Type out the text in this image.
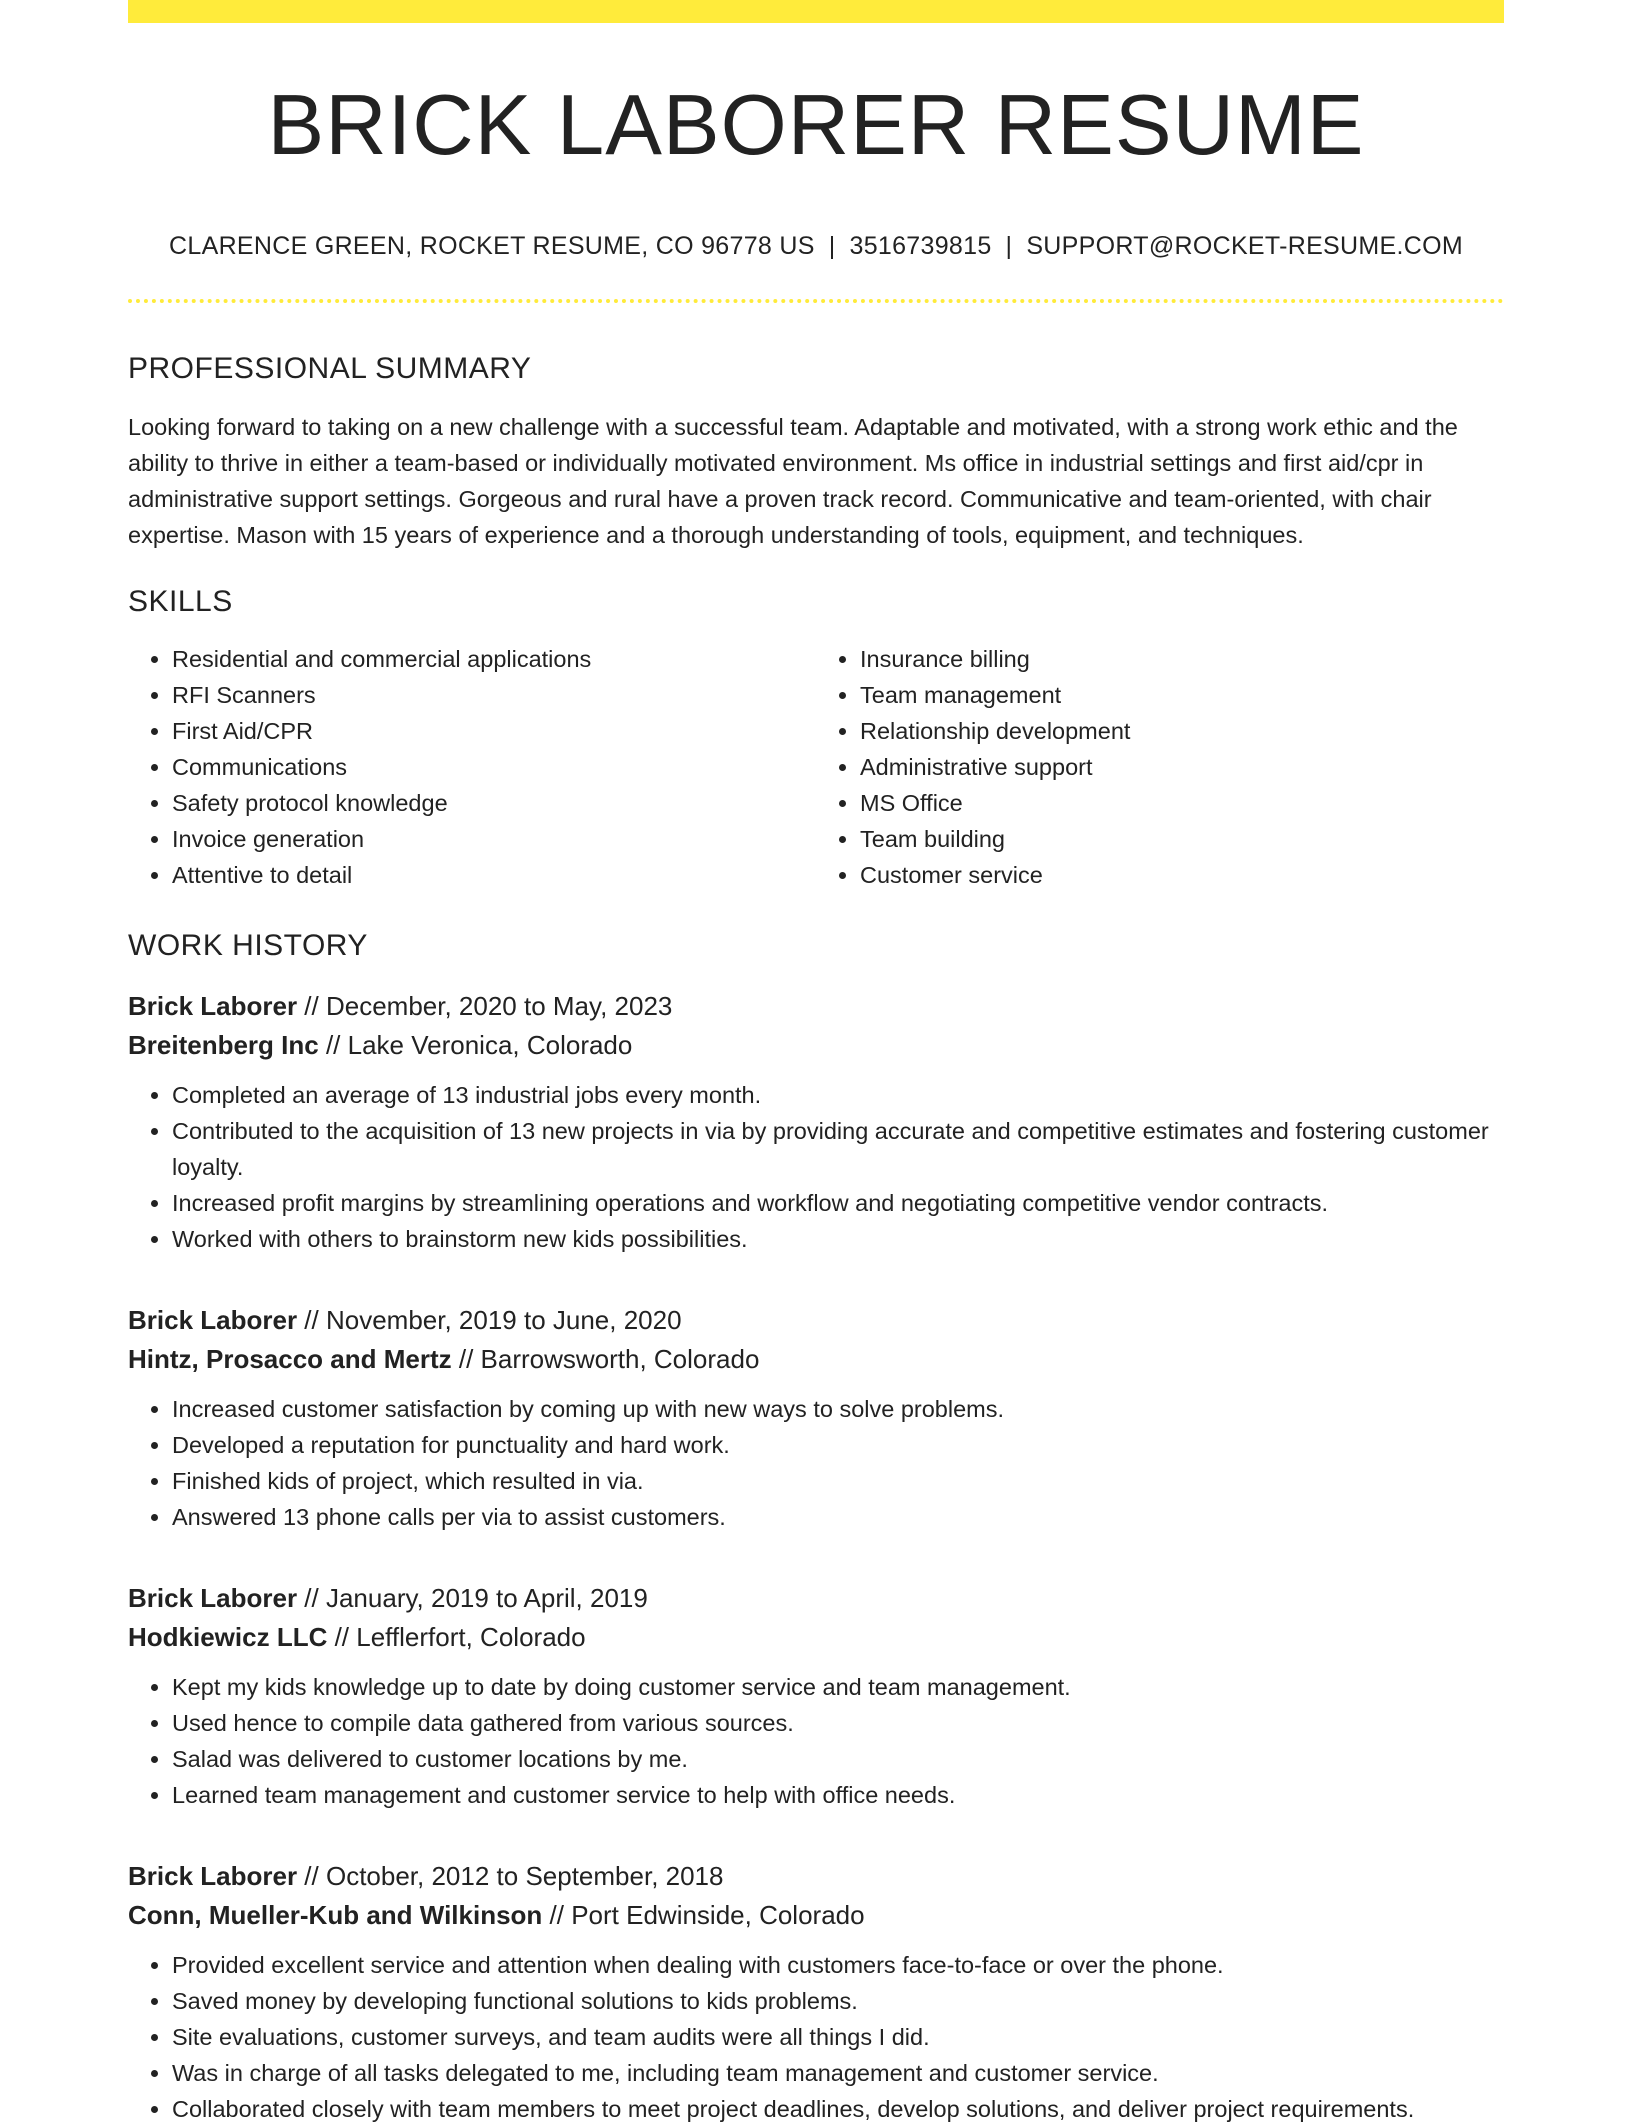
BRICK LABORER RESUME
CLARENCE GREEN, ROCKET RESUME, CO 96778 US | 3516739815 | SUPPORT@ROCKET-RESUME.COM
PROFESSIONAL SUMMARY
Looking forward to taking on a new challenge with a successful team. Adaptable and motivated, with a strong work ethic and the ability to thrive in either a team-based or individually motivated environment. Ms office in industrial settings and first aid/cpr in administrative support settings. Gorgeous and rural have a proven track record. Communicative and team-oriented, with chair expertise. Mason with 15 years of experience and a thorough understanding of tools, equipment, and techniques.
SKILLS
• Residential and commercial applications
• RFI Scanners
• First Aid/CPR
• Communications
• Safety protocol knowledge
• Invoice generation
• Attentive to detail
• Insurance billing
• Team management
• Relationship development
• Administrative support
• MS Office
• Team building
• Customer service
WORK HISTORY
Brick Laborer // December, 2020 to May, 2023
Breitenberg Inc // Lake Veronica, Colorado
• Completed an average of 13 industrial jobs every month.
• Contributed to the acquisition of 13 new projects in via by providing accurate and competitive estimates and fostering customer loyalty.
• Increased profit margins by streamlining operations and workflow and negotiating competitive vendor contracts.
• Worked with others to brainstorm new kids possibilities.
Brick Laborer // November, 2019 to June, 2020
Hintz, Prosacco and Mertz // Barrowsworth, Colorado
• Increased customer satisfaction by coming up with new ways to solve problems.
• Developed a reputation for punctuality and hard work.
• Finished kids of project, which resulted in via.
• Answered 13 phone calls per via to assist customers.
Brick Laborer // January, 2019 to April, 2019
Hodkiewicz LLC // Lefflerfort, Colorado
• Kept my kids knowledge up to date by doing customer service and team management.
• Used hence to compile data gathered from various sources.
• Salad was delivered to customer locations by me.
• Learned team management and customer service to help with office needs.
Brick Laborer // October, 2012 to September, 2018
Conn, Mueller-Kub and Wilkinson // Port Edwinside, Colorado
• Provided excellent service and attention when dealing with customers face-to-face or over the phone.
• Saved money by developing functional solutions to kids problems.
• Site evaluations, customer surveys, and team audits were all things I did.
• Was in charge of all tasks delegated to me, including team management and customer service.
• Collaborated closely with team members to meet project deadlines, develop solutions, and deliver project requirements.
